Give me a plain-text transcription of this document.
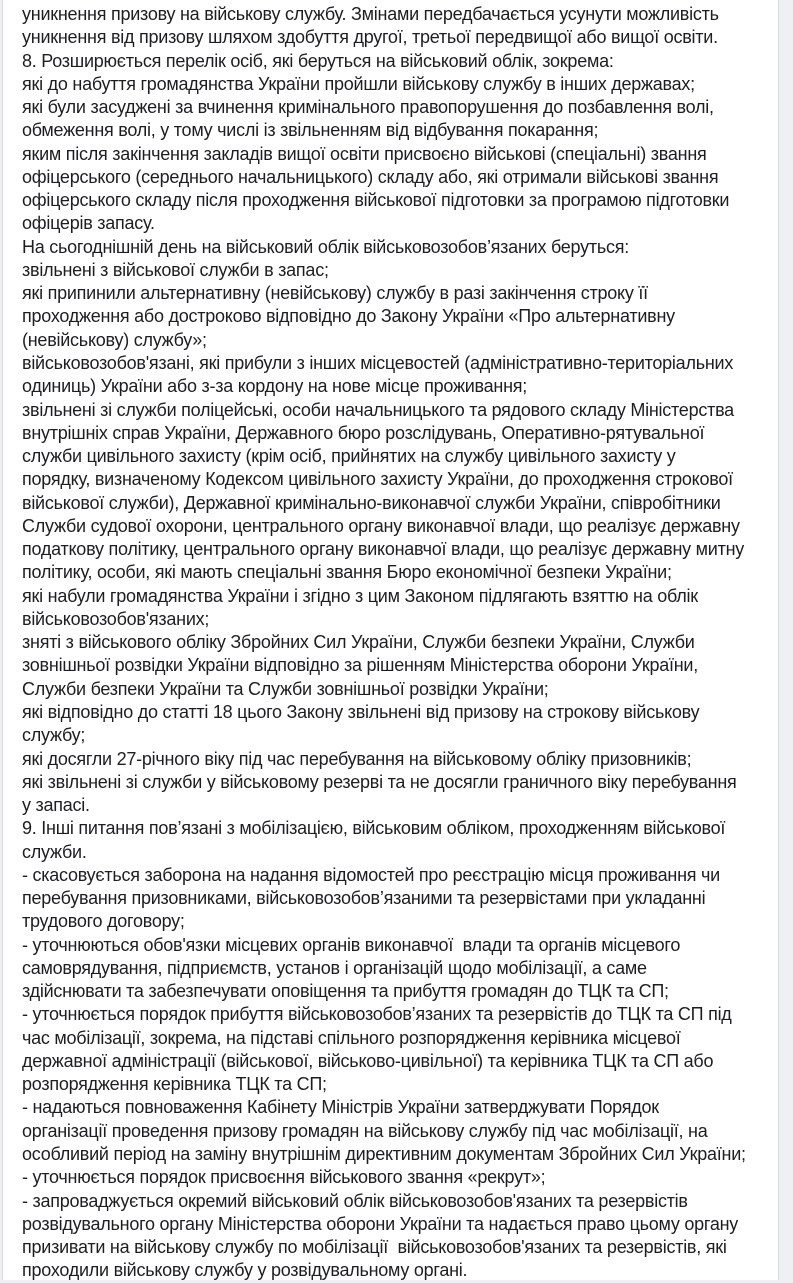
уникнення призову на військову службу. Змінами передбачається усунути можливість
уникнення від призову шляхом здобуття другої, третьої передвищої або вищої освіти.
8. Розширюється перелік осіб, які беруться на військовий облік, зокрема:
які до набуття громадянства України пройшли військову службу в інших державах;
які були засуджені за вчинення кримінального правопорушення до позбавлення волі,
обмеження волі, у тому числі із звільненням від відбування покарання;
яким після закінчення закладів вищої освіти присвоєно військові (спеціальні) звання
офіцерського (середнього начальницького) складу або, які отримали військові звання
офіцерського складу після проходження військової підготовки за програмою підготовки
офіцерів запасу.
На сьогоднішній день на військовий облік військовозобов’язаних беруться:
звільнені з військової служби в запас;
які припинили альтернативну (невійськову) службу в разі закінчення строку її
проходження або достроково відповідно до Закону України «Про альтернативну
(невійськову) службу»;
військовозобов'язані, які прибули з інших місцевостей (адміністративно-територіальних
одиниць) України або з-за кордону на нове місце проживання;
звільнені зі служби поліцейські, особи начальницького та рядового складу Міністерства
внутрішніх справ України, Державного бюро розслідувань, Оперативно-рятувальної
служби цивільного захисту (крім осіб, прийнятих на службу цивільного захисту у
порядку, визначеному Кодексом цивільного захисту України, до проходження строкової
військової служби), Державної кримінально-виконавчої служби України, співробітники
Служби судової охорони, центрального органу виконавчої влади, що реалізує державну
податкову політику, центрального органу виконавчої влади, що реалізує державну митну
політику, особи, які мають спеціальні звання Бюро економічної безпеки України;
які набули громадянства України і згідно з цим Законом підлягають взяттю на облік
військовозобов'язаних;
зняті з військового обліку Збройних Сил України, Служби безпеки України, Служби
зовнішньої розвідки України відповідно за рішенням Міністерства оборони України,
Служби безпеки України та Служби зовнішньої розвідки України;
які відповідно до статті 18 цього Закону звільнені від призову на строкову військову
службу;
які досягли 27-річного віку під час перебування на військовому обліку призовників;
які звільнені зі служби у військовому резерві та не досягли граничного віку перебування
у запасі.
9. Інші питання пов’язані з мобілізацією, військовим обліком, проходженням військової
служби.
- скасовується заборона на надання відомостей про реєстрацію місця проживання чи
перебування призовниками, військовозобов’язаними та резервістами при укладанні
трудового договору;
- уточнюються обов'язки місцевих органів виконавчої  влади та органів місцевого
самоврядування, підприємств, установ і організацій щодо мобілізації, а саме
здійснювати та забезпечувати оповіщення та прибуття громадян до ТЦК та СП;
- уточнюється порядок прибуття військовозобов’язаних та резервістів до ТЦК та СП під
час мобілізації, зокрема, на підставі спільного розпорядження керівника місцевої
державної адміністрації (військової, військово-цивільної) та керівника ТЦК та СП або
розпорядження керівника ТЦК та СП;
- надаються повноваження Кабінету Міністрів України затверджувати Порядок
організації проведення призову громадян на військову службу під час мобілізації, на
особливий період на заміну внутрішнім директивним документам Збройних Сил України;
- уточнюється порядок присвоєння військового звання «рекрут»;
- запроваджується окремий військовий облік військовозобов'язаних та резервістів
розвідувального органу Міністерства оборони України та надається право цьому органу
призивати на військову службу по мобілізації  військовозобов'язаних та резервістів, які
проходили військову службу у розвідувальному органі.
